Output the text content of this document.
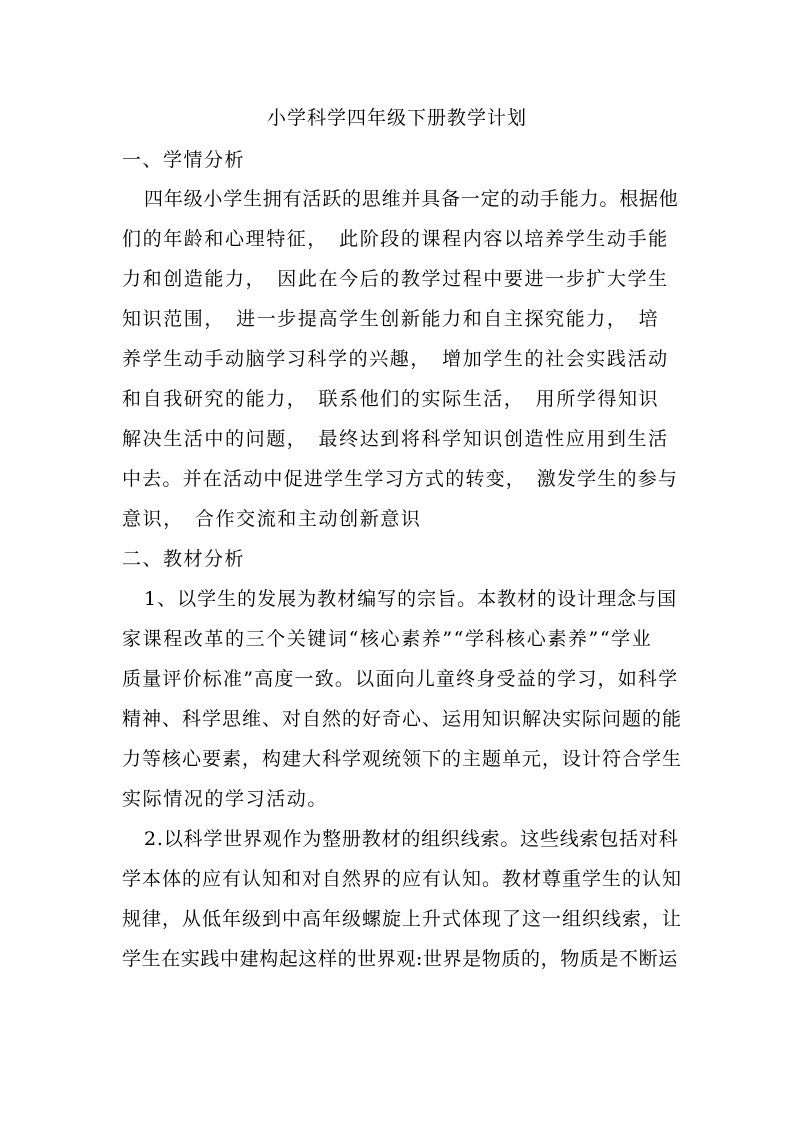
小学科学四年级下册教学计划
一、学情分析
四年级小学生拥有活跃的思维并具备一定的动手能力。根据他
们的年龄和心理特征，　此阶段的课程内容以培养学生动手能
力和创造能力，　因此在今后的教学过程中要进一步扩大学生
知识范围，　进一步提高学生创新能力和自主探究能力，　培
养学生动手动脑学习科学的兴趣，　增加学生的社会实践活动
和自我研究的能力，　联系他们的实际生活，　用所学得知识
解决生活中的问题，　最终达到将科学知识创造性应用到生活
中去。并在活动中促进学生学习方式的转变，　激发学生的参与
意识，　合作交流和主动创新意识
二、教材分析
1、以学生的发展为教材编写的宗旨。本教材的设计理念与国
家课程改革的三个关键词“核心素养”“学科核心素养”“学业
质量评价标准”高度一致。以面向儿童终身受益的学习，如科学
精神、科学思维、对自然的好奇心、运用知识解决实际问题的能
力等核心要素，构建大科学观统领下的主题单元，设计符合学生
实际情况的学习活动。
2.以科学世界观作为整册教材的组织线索。这些线索包括对科
学本体的应有认知和对自然界的应有认知。教材尊重学生的认知
规律，从低年级到中高年级螺旋上升式体现了这一组织线索，让
学生在实践中建构起这样的世界观:世界是物质的，物质是不断运
